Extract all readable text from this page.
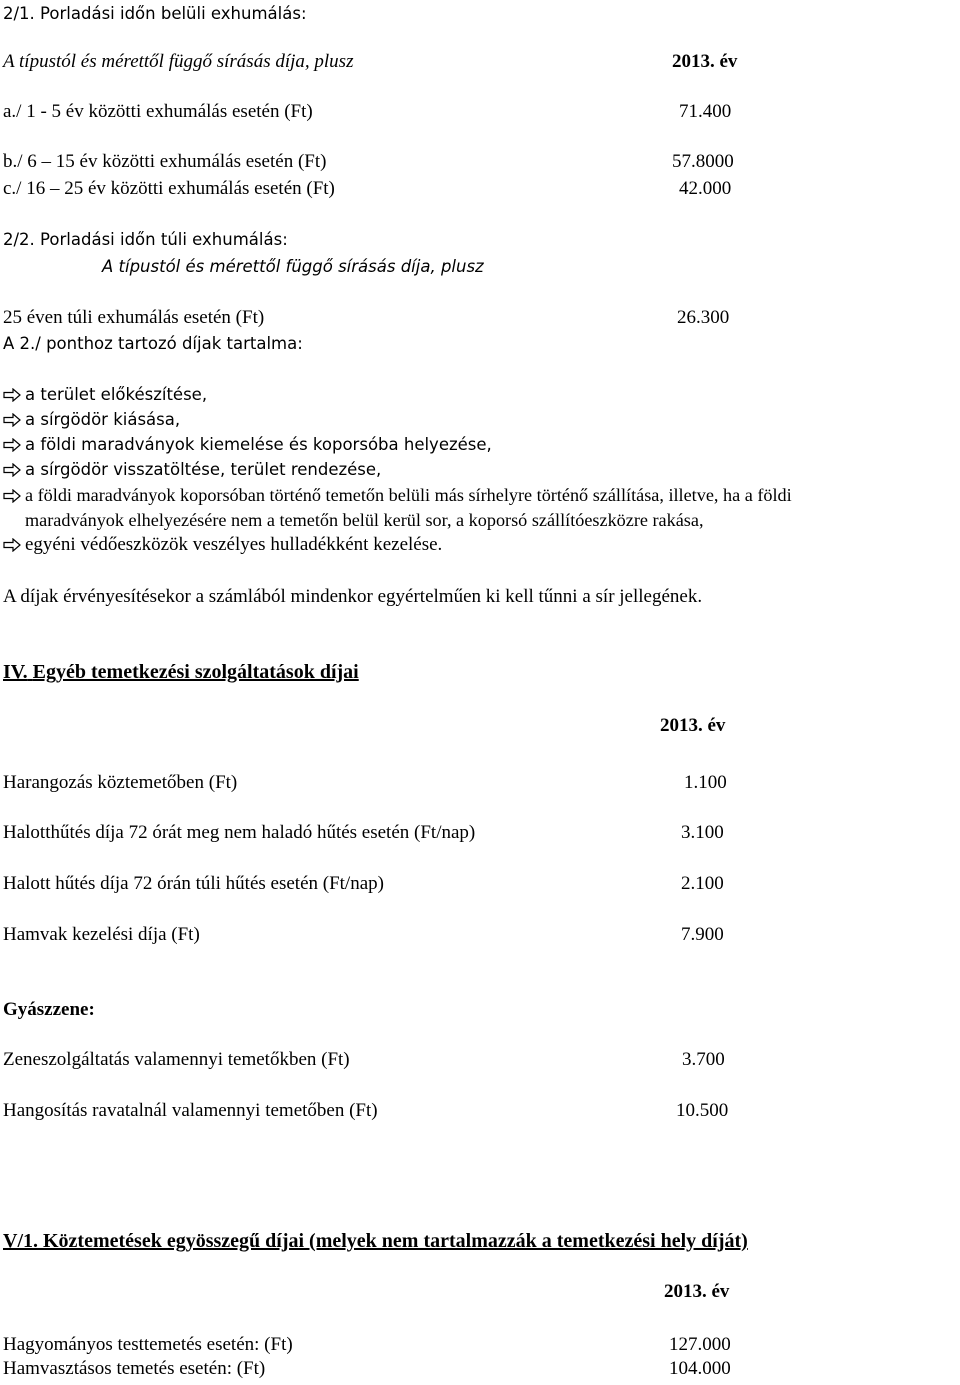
2/1. Porladási időn belüli exhumálás:
A típustól és mérettől függő sírásás díja, plusz	2013. év
a./ 1 - 5 év közötti exhumálás esetén (Ft)	71.400
b./ 6 – 15 év közötti exhumálás esetén (Ft)	57.8000
c./ 16 – 25 év közötti exhumálás esetén (Ft)	42.000
2/2. Porladási időn túli exhumálás:
A típustól és mérettől függő sírásás díja, plusz
25 éven túli exhumálás esetén (Ft)	26.300
A 2./ ponthoz tartozó díjak tartalma:
a terület előkészítése,
a sírgödör kiásása,
a földi maradványok kiemelése és koporsóba helyezése,
a sírgödör visszatöltése, terület rendezése,
a földi maradványok koporsóban történő temetőn belüli más sírhelyre történő szállítása, illetve, ha a földi
maradványok elhelyezésére nem a temetőn belül kerül sor, a koporsó szállítóeszközre rakása,
egyéni védőeszközök veszélyes hulladékként kezelése.
A díjak érvényesítésekor a számlából mindenkor egyértelműen ki kell tűnni a sír jellegének.
IV. Egyéb temetkezési szolgáltatások díjai
2013. év
Harangozás köztemetőben (Ft)	1.100
Halotthűtés díja 72 órát meg nem haladó hűtés esetén (Ft/nap)	3.100
Halott hűtés díja 72 órán túli hűtés esetén (Ft/nap)	2.100
Hamvak kezelési díja (Ft)	7.900
Gyászzene:
Zeneszolgáltatás valamennyi temetőkben (Ft)	3.700
Hangosítás ravatalnál valamennyi temetőben (Ft)	10.500
V/1. Köztemetések egyösszegű díjai (melyek nem tartalmazzák a temetkezési hely díját)
2013. év
Hagyományos testtemetés esetén: (Ft)	127.000
Hamvasztásos temetés esetén: (Ft)	104.000
